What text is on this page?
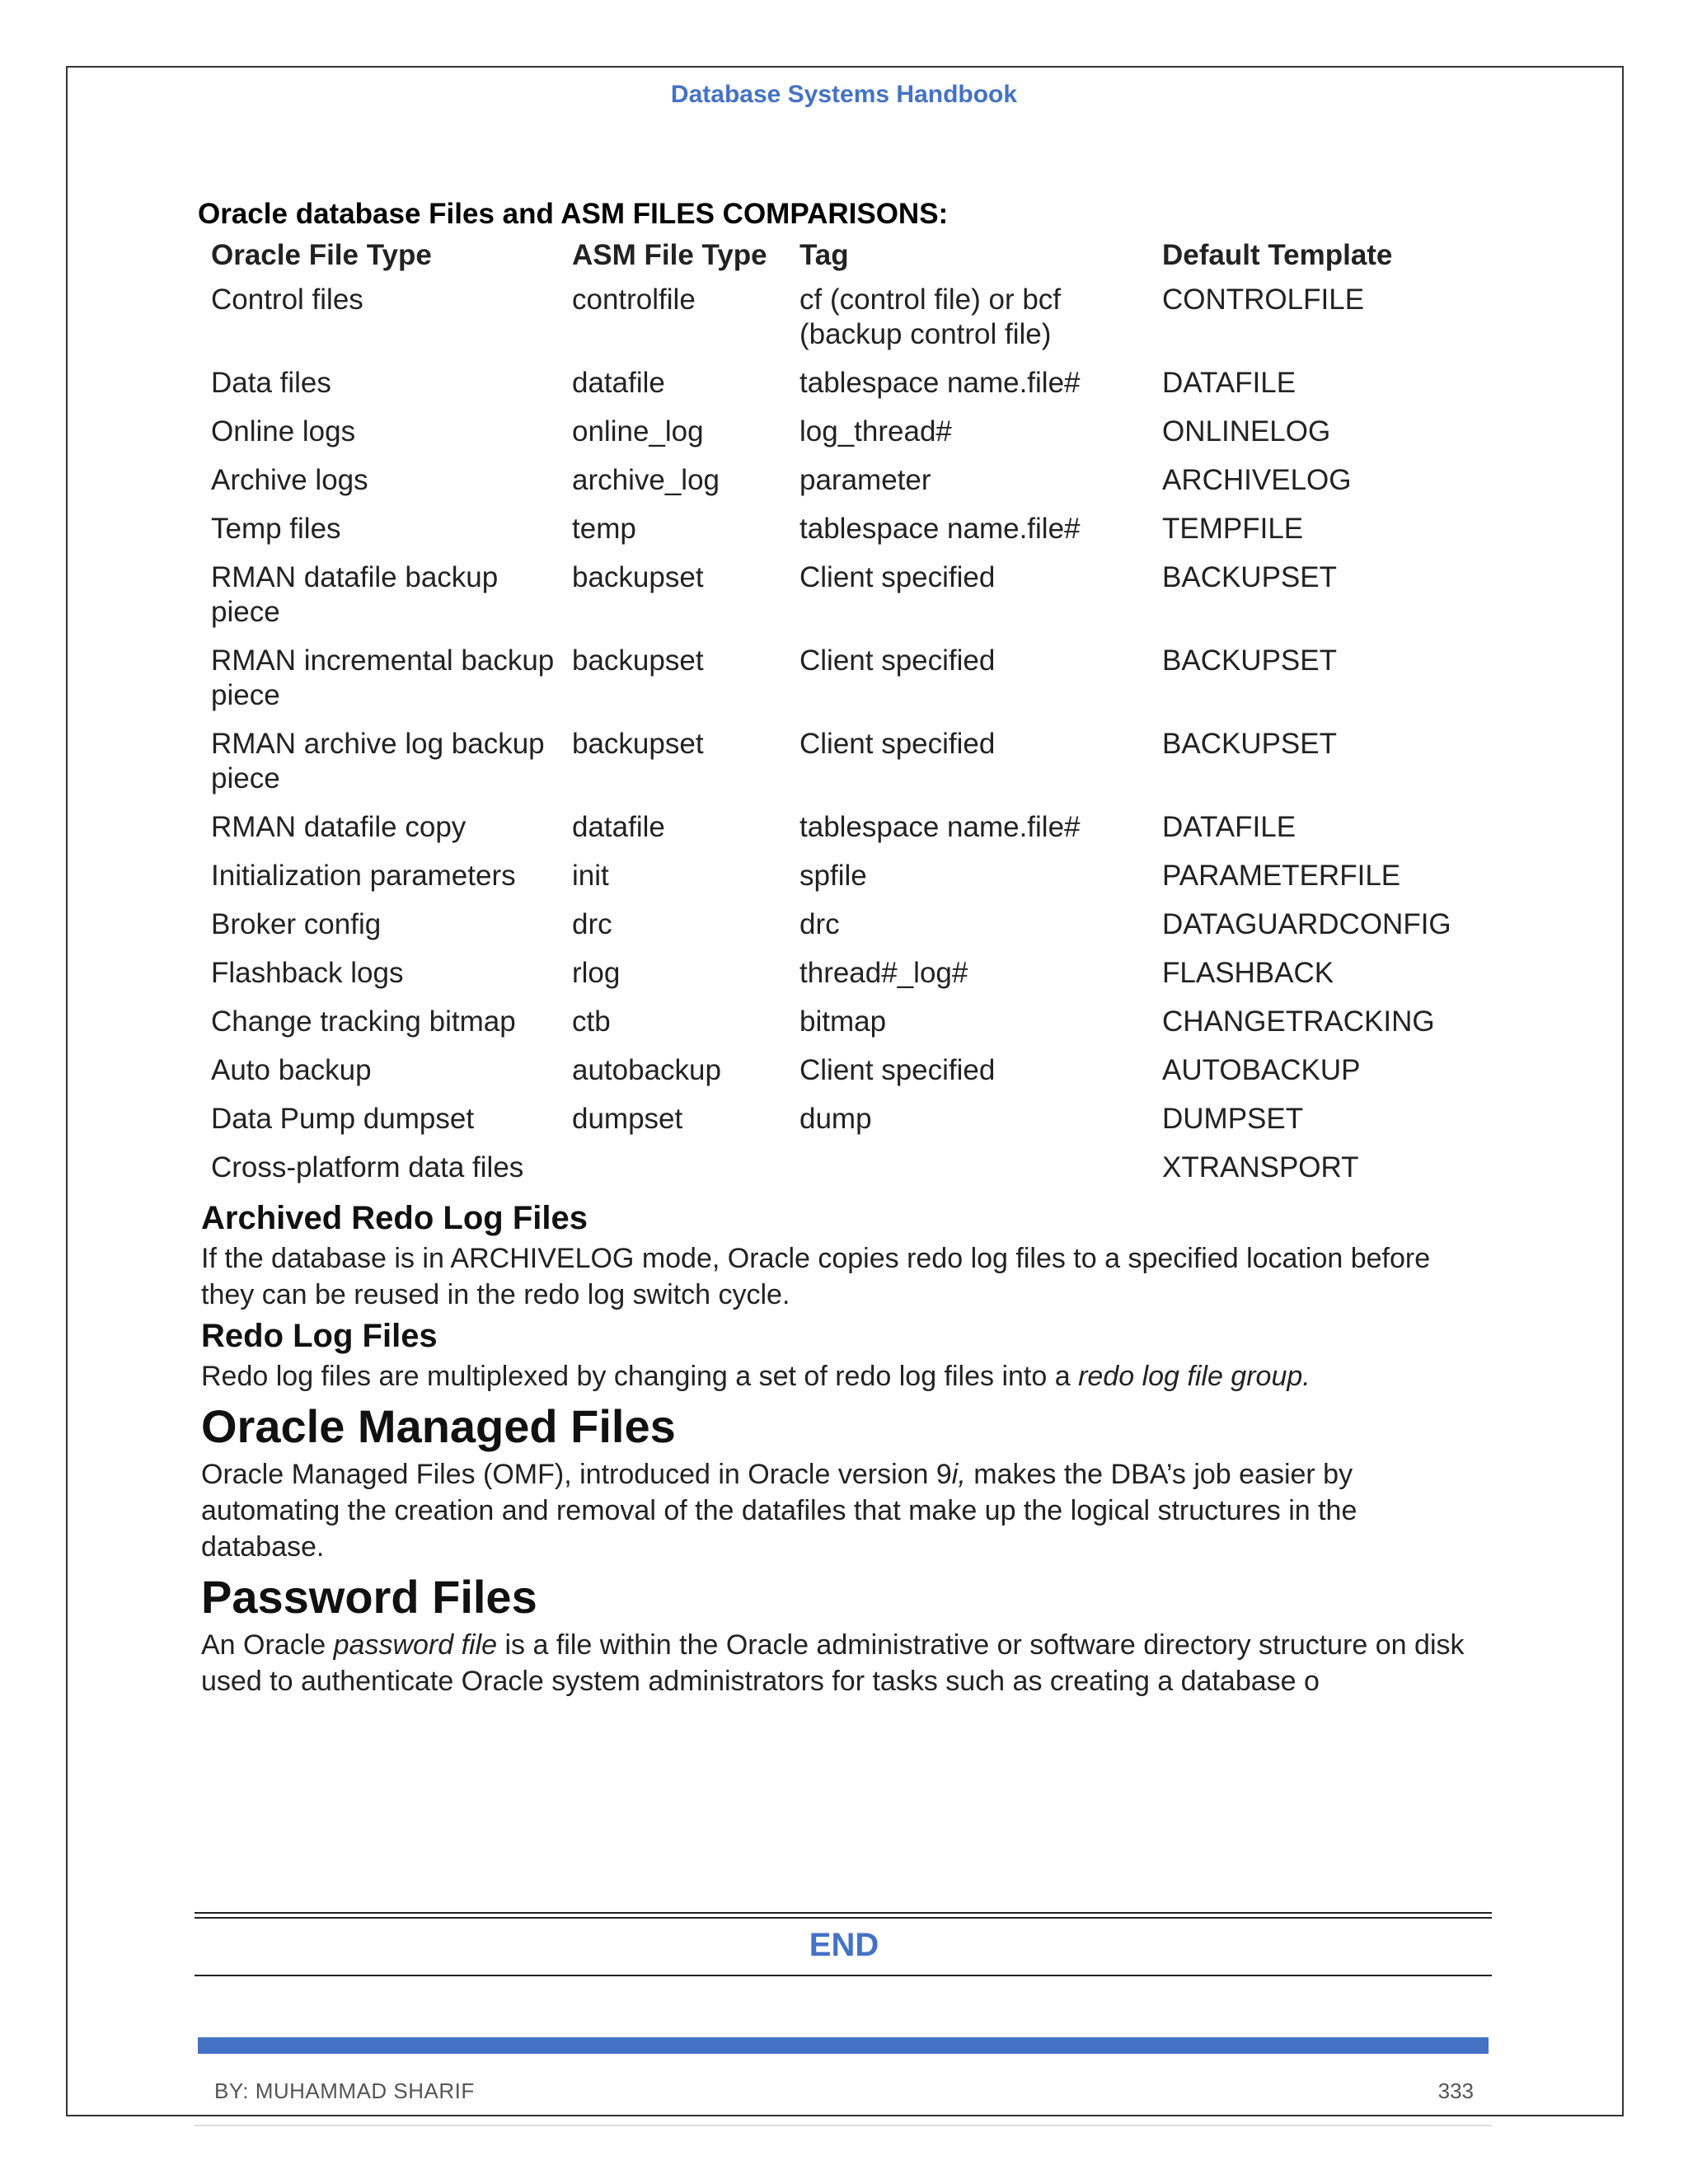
Database Systems Handbook
Oracle database Files and ASM FILES COMPARISONS:
Oracle File Type	ASM File Type	Tag	Default Template
Control files	controlfile	cf (control file) or bcf (backup control file)	CONTROLFILE
Data files	datafile	tablespace name.file#	DATAFILE
Online logs	online_log	log_thread#	ONLINELOG
Archive logs	archive_log	parameter	ARCHIVELOG
Temp files	temp	tablespace name.file#	TEMPFILE
RMAN datafile backup piece	backupset	Client specified	BACKUPSET
RMAN incremental backup piece	backupset	Client specified	BACKUPSET
RMAN archive log backup piece	backupset	Client specified	BACKUPSET
RMAN datafile copy	datafile	tablespace name.file#	DATAFILE
Initialization parameters	init	spfile	PARAMETERFILE
Broker config	drc	drc	DATAGUARDCONFIG
Flashback logs	rlog	thread#_log#	FLASHBACK
Change tracking bitmap	ctb	bitmap	CHANGETRACKING
Auto backup	autobackup	Client specified	AUTOBACKUP
Data Pump dumpset	dumpset	dump	DUMPSET
Cross-platform data files			XTRANSPORT
Archived Redo Log Files
If the database is in ARCHIVELOG mode, Oracle copies redo log files to a specified location before they can be reused in the redo log switch cycle.
Redo Log Files
Redo log files are multiplexed by changing a set of redo log files into a redo log file group.
Oracle Managed Files
Oracle Managed Files (OMF), introduced in Oracle version 9i, makes the DBA’s job easier by automating the creation and removal of the datafiles that make up the logical structures in the database.
Password Files
An Oracle password file is a file within the Oracle administrative or software directory structure on disk used to authenticate Oracle system administrators for tasks such as creating a database o
END
BY: MUHAMMAD SHARIF	333
